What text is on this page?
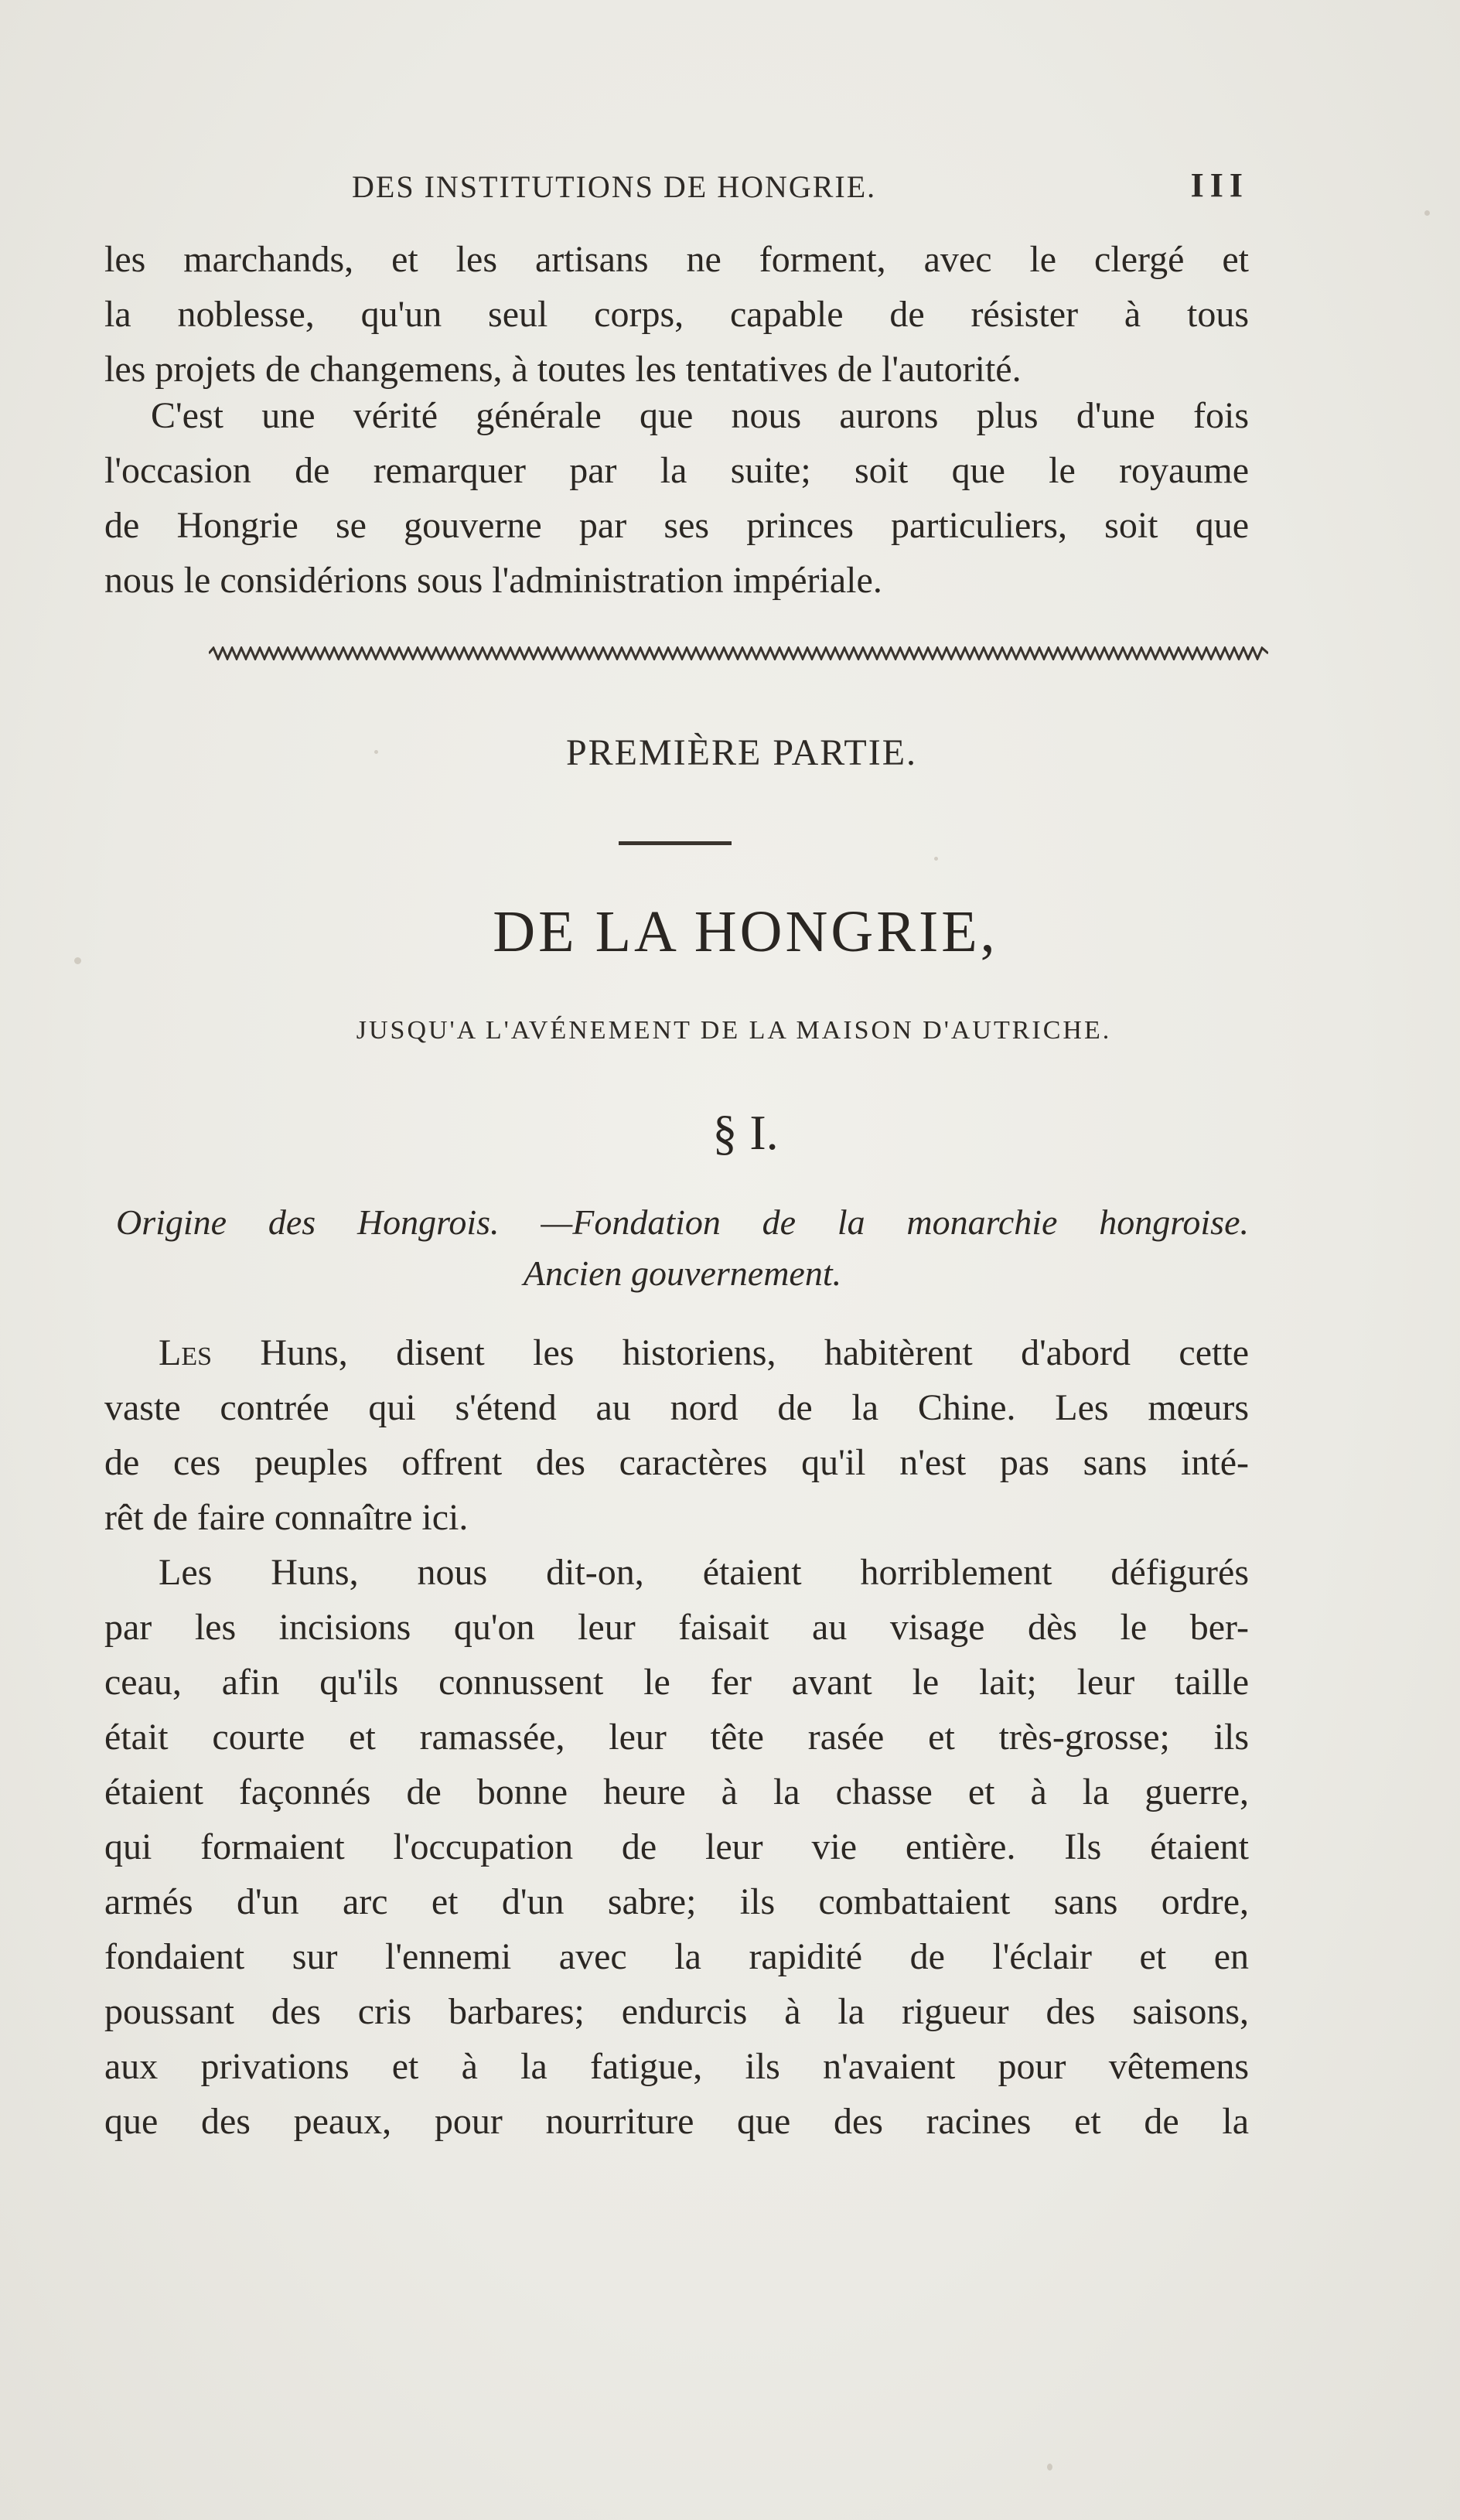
DES INSTITUTIONS DE HONGRIE.	III
les marchands, et les artisans ne forment, avec le clergé et
la noblesse, qu'un seul corps, capable de résister à tous
les projets de changemens, à toutes les tentatives de l'autorité.
C'est une vérité générale que nous aurons plus d'une fois
l'occasion de remarquer par la suite; soit que le royaume
de Hongrie se gouverne par ses princes particuliers, soit que
nous le considérions sous l'administration impériale.
PREMIÈRE PARTIE.
DE LA HONGRIE,
JUSQU'A L'AVÉNEMENT DE LA MAISON D'AUTRICHE.
§ I.
Origine des Hongrois. —Fondation de la monarchie hongroise.
Ancien gouvernement.
Les Huns, disent les historiens, habitèrent d'abord cette
vaste contrée qui s'étend au nord de la Chine. Les mœurs
de ces peuples offrent des caractères qu'il n'est pas sans inté-
rêt de faire connaître ici.
Les Huns, nous dit-on, étaient horriblement défigurés
par les incisions qu'on leur faisait au visage dès le ber-
ceau, afin qu'ils connussent le fer avant le lait; leur taille
était courte et ramassée, leur tête rasée et très-grosse; ils
étaient façonnés de bonne heure à la chasse et à la guerre,
qui formaient l'occupation de leur vie entière. Ils étaient
armés d'un arc et d'un sabre; ils combattaient sans ordre,
fondaient sur l'ennemi avec la rapidité de l'éclair et en
poussant des cris barbares; endurcis à la rigueur des saisons,
aux privations et à la fatigue, ils n'avaient pour vêtemens
que des peaux, pour nourriture que des racines et de la
